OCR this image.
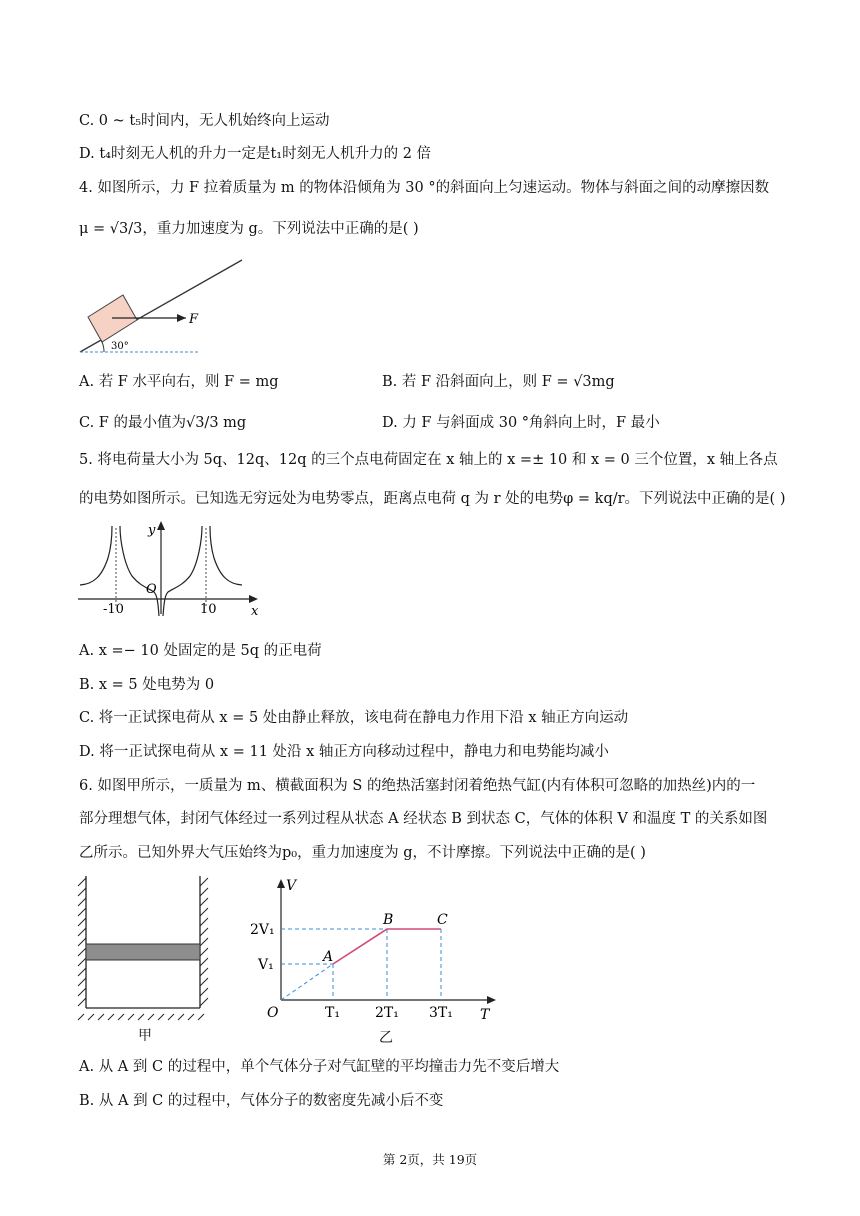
C. 0 ~ t₅时间内，无人机始终向上运动
D. t₄时刻无人机的升力一定是t₁时刻无人机升力的 2 倍
4. 如图所示，力 F 拉着质量为 m 的物体沿倾角为 30 °的斜面向上匀速运动。物体与斜面之间的动摩擦因数
μ = √3/3，重力加速度为 g。下列说法中正确的是( )
F
30°
A. 若 F 水平向右，则 F = mg	B. 若 F 沿斜面向上，则 F = √3mg
C. F 的最小值为√3/3 mg	D. 力 F 与斜面成 30 °角斜向上时，F 最小
5. 将电荷量大小为 5q、12q、12q 的三个点电荷固定在 x 轴上的 x =± 10 和 x = 0 三个位置，x 轴上各点
的电势如图所示。已知选无穷远处为电势零点，距离点电荷 q 为 r 处的电势φ = kq/r。下列说法中正确的是( )
x
y
O
-10	10
A. x =− 10 处固定的是 5q 的正电荷
B. x = 5 处电势为 0
C. 将一正试探电荷从 x = 5 处由静止释放，该电荷在静电力作用下沿 x 轴正方向运动
D. 将一正试探电荷从 x = 11 处沿 x 轴正方向移动过程中，静电力和电势能均减小
6. 如图甲所示，一质量为 m、横截面积为 S 的绝热活塞封闭着绝热气缸(内有体积可忽略的加热丝)内的一
部分理想气体，封闭气体经过一系列过程从状态 A 经状态 B 到状态 C，气体的体积 V 和温度 T 的关系如图
乙所示。已知外界大气压始终为p₀，重力加速度为 g，不计摩擦。下列说法中正确的是( )
甲
T
V
A
B	C
2V₁
V₁
O	T₁	2T₁ 3T₁
乙
A. 从 A 到 C 的过程中，单个气体分子对气缸壁的平均撞击力先不变后增大
B. 从 A 到 C 的过程中，气体分子的数密度先减小后不变
第 2页，共 19页
